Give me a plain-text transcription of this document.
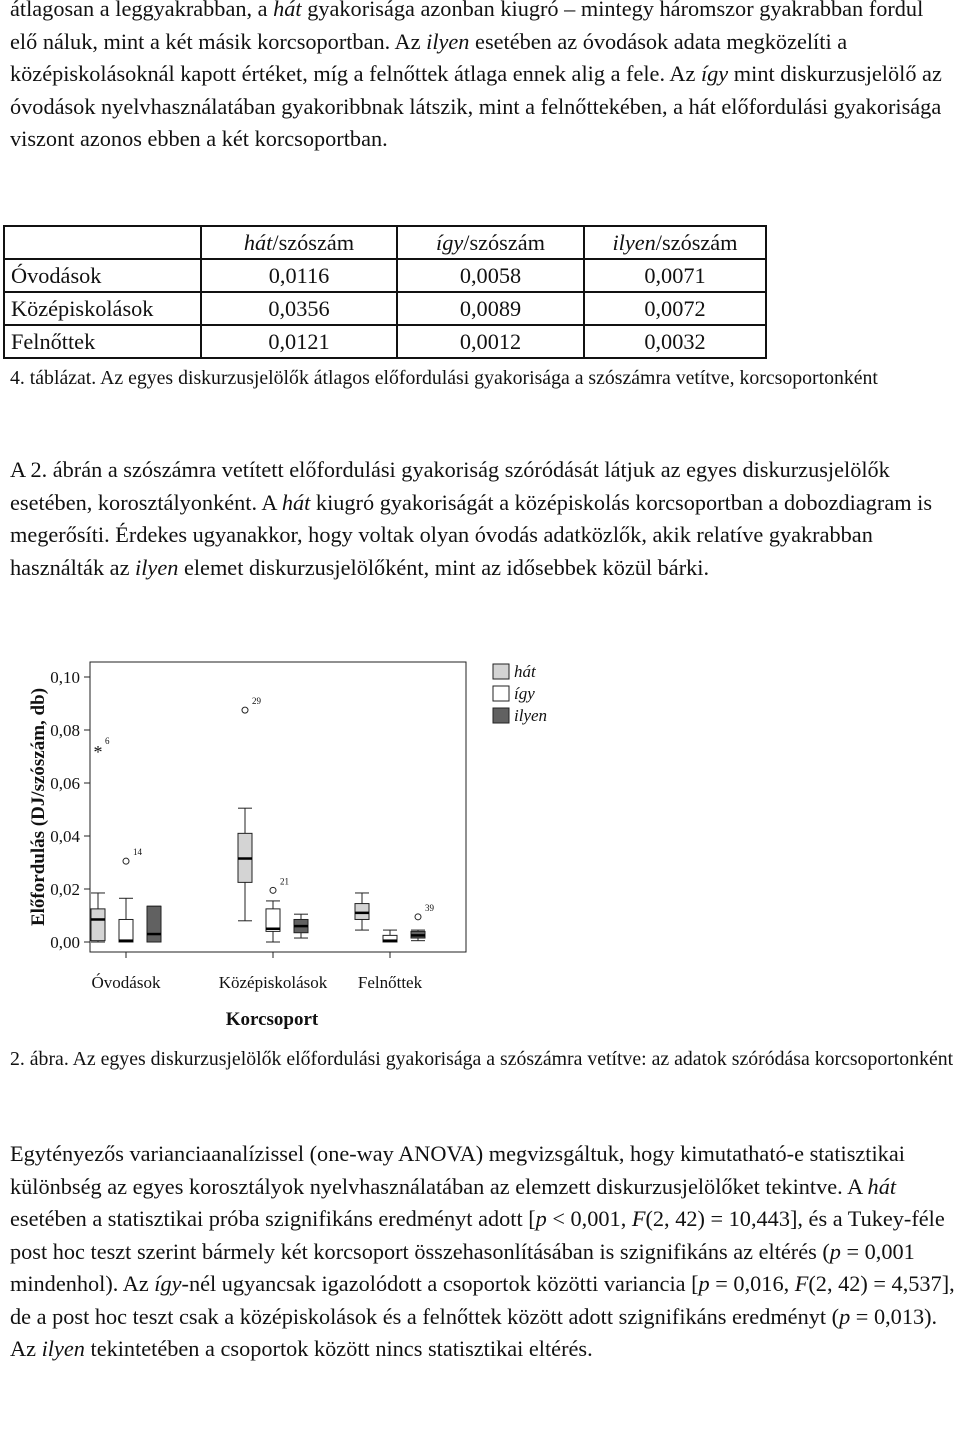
átlagosan a leggyakrabban, a hát gyakorisága azonban kiugró – mintegy háromszor gyakrabban fordul elő náluk, mint a két másik korcsoportban. Az ilyen esetében az óvodások adata megközelíti a középiskolásoknál kapott értéket, míg a felnőttek átlaga ennek alig a fele. Az így mint diskurzusjelölő az óvodások nyelvhasználatában gyakoribbnak látszik, mint a felnőttekében, a hát előfordulási gyakorisága viszont azonos ebben a két korcsoportban.

	hát/szószám	így/szószám	ilyen/szószám
Óvodások	0,0116	0,0058	0,0071
Középiskolások	0,0356	0,0089	0,0072
Felnőttek	0,0121	0,0012	0,0032

4. táblázat. Az egyes diskurzusjelölők átlagos előfordulási gyakorisága a szószámra vetítve, korcsoportonként

A 2. ábrán a szószámra vetített előfordulási gyakoriság szóródását látjuk az egyes diskurzusjelölők esetében, korosztályonként. A hát kiugró gyakoriságát a középiskolás korcsoportban a dobozdiagram is megerősíti. Érdekes ugyanakkor, hogy voltak olyan óvodás adatközlők, akik relatíve gyakrabban használták az ilyen elemet diskurzusjelölőként, mint az idősebbek közül bárki.

0,00
0,02
0,04
0,06
0,08
0,10
Előfordulás (DJ/szószám, db)
Óvodások	Középiskolások Felnőttek
Korcsoport
*
6
14
29
21
39
hát
így
ilyen

2. ábra. Az egyes diskurzusjelölők előfordulási gyakorisága a szószámra vetítve: az adatok szóródása korcsoportonként

Egytényezős varianciaanalízissel (one-way ANOVA) megvizsgáltuk, hogy kimutatható-e statisztikai különbség az egyes korosztályok nyelvhasználatában az elemzett diskurzusjelölőket tekintve. A hát esetében a statisztikai próba szignifikáns eredményt adott [p < 0,001, F(2, 42) = 10,443], és a Tukey-féle post hoc teszt szerint bármely két korcsoport összehasonlításában is szignifikáns az eltérés (p = 0,001 mindenhol). Az így-nél ugyancsak igazolódott a csoportok közötti variancia [p = 0,016, F(2, 42) = 4,537], de a post hoc teszt csak a középiskolások és a felnőttek között adott szignifikáns eredményt (p = 0,013). Az ilyen tekintetében a csoportok között nincs statisztikai eltérés.
